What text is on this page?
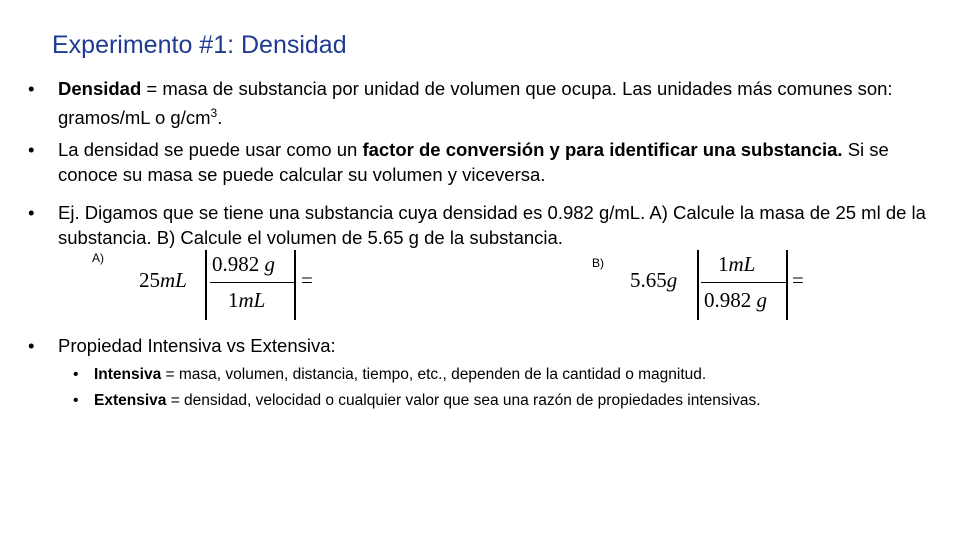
Experimento #1: Densidad
• Densidad = masa de substancia por unidad de volumen que ocupa. Las unidades más comunes son: gramos/mL o $g/cm^3$.
• La densidad se puede usar como un factor de conversión y para identificar una substancia. Si se conoce su masa se puede calcular su volumen y viceversa.
• Ej. Digamos que se tiene una substancia cuya densidad es 0.982 g/mL. A) Calcule la masa de 25 ml de la substancia. B) Calcule el volumen de 5.65 g de la substancia.
A)
25mL
0.982 g
1mL
=
B)
5.65g
1mL
0.982 g
=
• Propiedad Intensiva vs Extensiva:
• Intensiva = masa, volumen, distancia, tiempo, etc., dependen de la cantidad o magnitud.
• Extensiva = densidad, velocidad o cualquier valor que sea una razón de propiedades intensivas.
